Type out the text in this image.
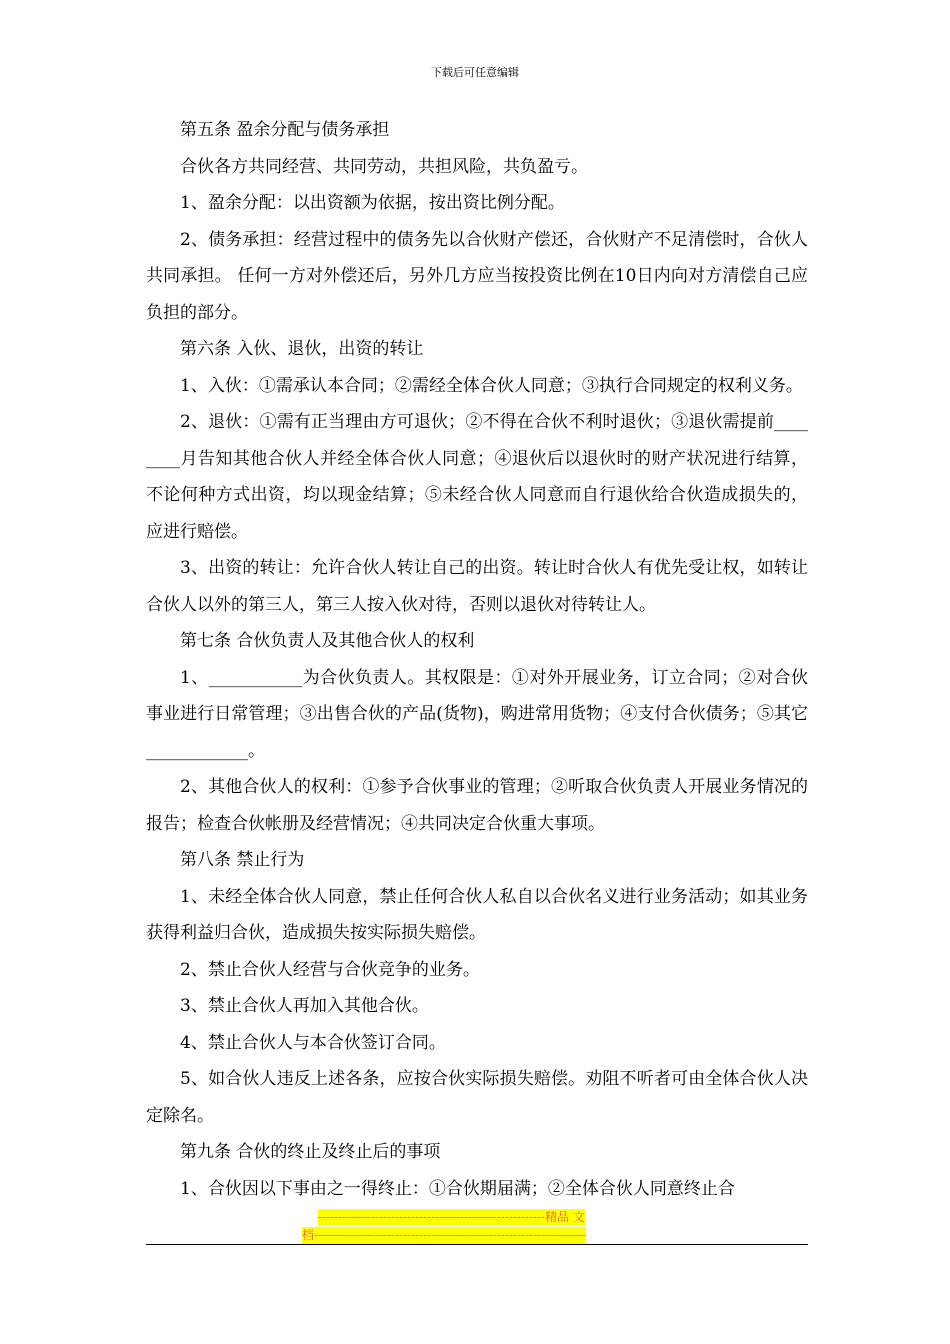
下载后可任意编辑

第五条 盈余分配与债务承担

合伙各方共同经营、共同劳动，共担风险，共负盈亏。

1、盈余分配：以出资额为依据，按出资比例分配。

2、债务承担：经营过程中的债务先以合伙财产偿还，合伙财产不足清偿时，合伙人共同承担。 任何一方对外偿还后，另外几方应当按投资比例在10日内向对方清偿自己应负担的部分。

第六条 入伙、退伙，出资的转让

1、入伙：①需承认本合同；②需经全体合伙人同意；③执行合同规定的权利义务。

2、退伙：①需有正当理由方可退伙；②不得在合伙不利时退伙；③退伙需提前________月告知其他合伙人并经全体合伙人同意；④退伙后以退伙时的财产状况进行结算，不论何种方式出资，均以现金结算；⑤未经合伙人同意而自行退伙给合伙造成损失的，应进行赔偿。

3、出资的转让：允许合伙人转让自己的出资。转让时合伙人有优先受让权，如转让合伙人以外的第三人，第三人按入伙对待，否则以退伙对待转让人。

第七条 合伙负责人及其他合伙人的权利

1、___________为合伙负责人。其权限是：①对外开展业务，订立合同；②对合伙事业进行日常管理；③出售合伙的产品(货物)，购进常用货物；④支付合伙债务；⑤其它____________。

2、其他合伙人的权利：①参予合伙事业的管理；②听取合伙负责人开展业务情况的报告；检查合伙帐册及经营情况；④共同决定合伙重大事项。

第八条 禁止行为

1、未经全体合伙人同意，禁止任何合伙人私自以合伙名义进行业务活动；如其业务获得利益归合伙，造成损失按实际损失赔偿。

2、禁止合伙人经营与合伙竞争的业务。

3、禁止合伙人再加入其他合伙。

4、禁止合伙人与本合伙签订合同。

5、如合伙人违反上述各条，应按合伙实际损失赔偿。劝阻不听者可由全体合伙人决定除名。

第九条 合伙的终止及终止后的事项

1、合伙因以下事由之一得终止：①合伙期届满；②全体合伙人同意终止合

--------------------------------------------------------精品 文
档-------------------------------------------------------------------
